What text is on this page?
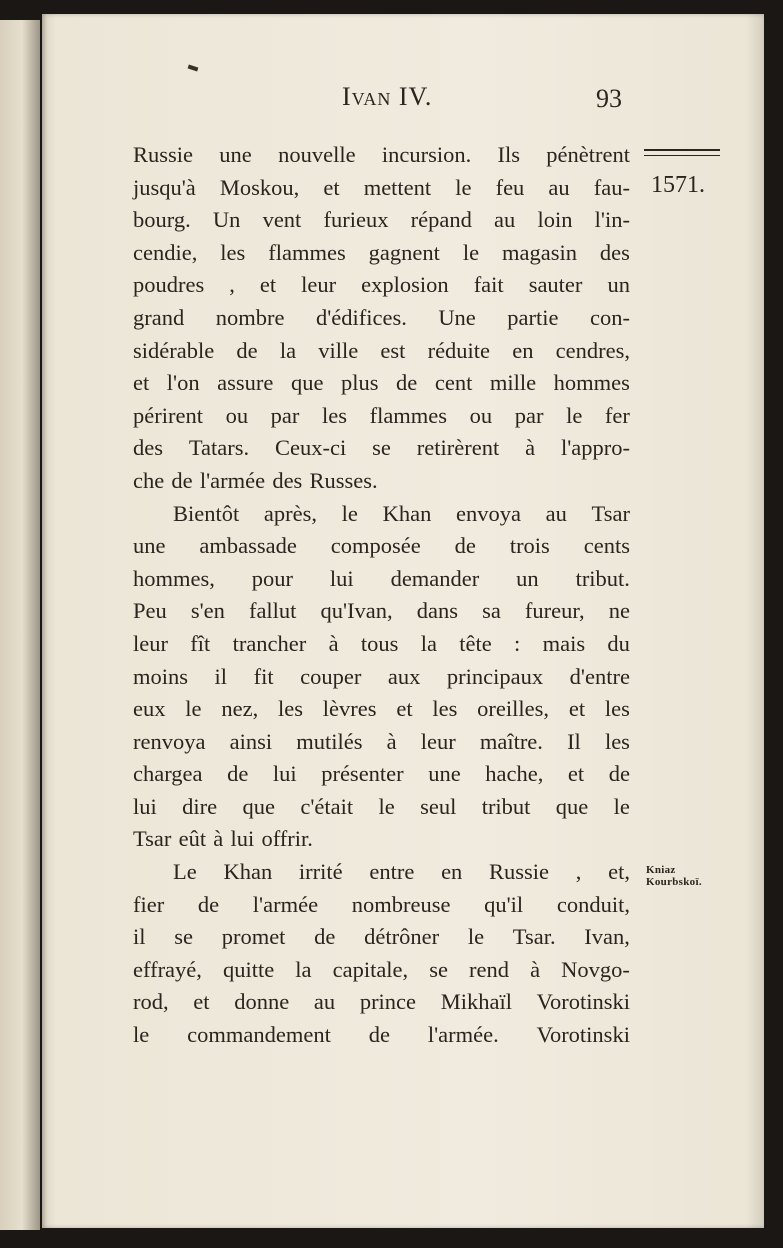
Ivan IV.	93
1571.
Kniaz
Kourbskoï.
Russie une nouvelle incursion. Ils pénètrent
jusqu'à Moskou, et mettent le feu au fau-
bourg. Un vent furieux répand au loin l'in-
cendie, les flammes gagnent le magasin des
poudres , et leur explosion fait sauter un
grand nombre d'édifices. Une partie con-
sidérable de la ville est réduite en cendres,
et l'on assure que plus de cent mille hommes
périrent ou par les flammes ou par le fer
des Tatars. Ceux-ci se retirèrent à l'appro-
che de l'armée des Russes.
Bientôt après, le Khan envoya au Tsar
une ambassade composée de trois cents
hommes, pour lui demander un tribut.
Peu s'en fallut qu'Ivan, dans sa fureur, ne
leur fît trancher à tous la tête : mais du
moins il fit couper aux principaux d'entre
eux le nez, les lèvres et les oreilles, et les
renvoya ainsi mutilés à leur maître. Il les
chargea de lui présenter une hache, et de
lui dire que c'était le seul tribut que le
Tsar eût à lui offrir.
Le Khan irrité entre en Russie , et,
fier de l'armée nombreuse qu'il conduit,
il se promet de détrôner le Tsar. Ivan,
effrayé, quitte la capitale, se rend à Novgo-
rod, et donne au prince Mikhaïl Vorotinski
le commandement de l'armée. Vorotinski
